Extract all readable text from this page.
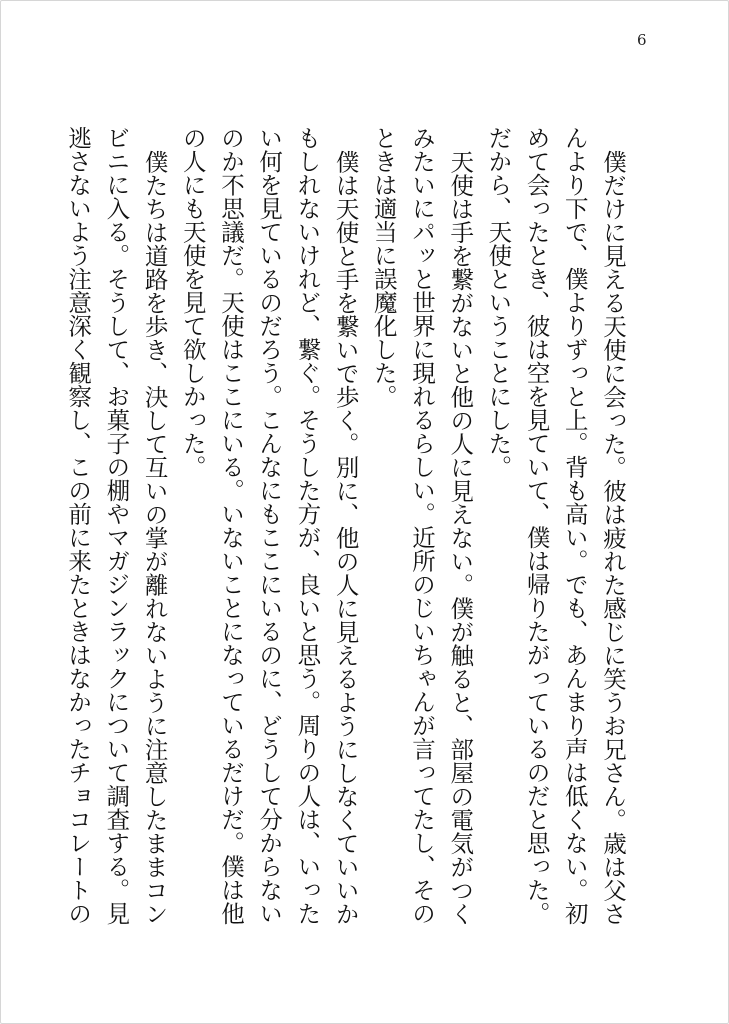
6

僕だけに見える天使に会った。彼は疲れた感じに笑うお兄さん。歳は父さんより下で、僕よりずっと上。背も高い。でも、あんまり声は低くない。初めて会ったとき、彼は空を見ていて、僕は帰りたがっているのだと思った。だから、天使ということにした。

天使は手を繋がないと他の人に見えない。僕が触ると、部屋の電気がつくみたいにパッと世界に現れるらしい。近所のじいちゃんが言ってたし、そのときは適当に誤魔化した。

僕は天使と手を繋いで歩く。別に、他の人に見えるようにしなくていいかもしれないけれど、繋ぐ。そうした方が、良いと思う。周りの人は、いったい何を見ているのだろう。こんなにもここにいるのに、どうして分からないのか不思議だ。天使はここにいる。いないことになっているだけだ。僕は他の人にも天使を見て欲しかった。

僕たちは道路を歩き、決して互いの掌が離れないように注意したままコンビニに入る。そうして、お菓子の棚やマガジンラックについて調査する。見逃さないよう注意深く観察し、この前に来たときはなかったチョコレートの
